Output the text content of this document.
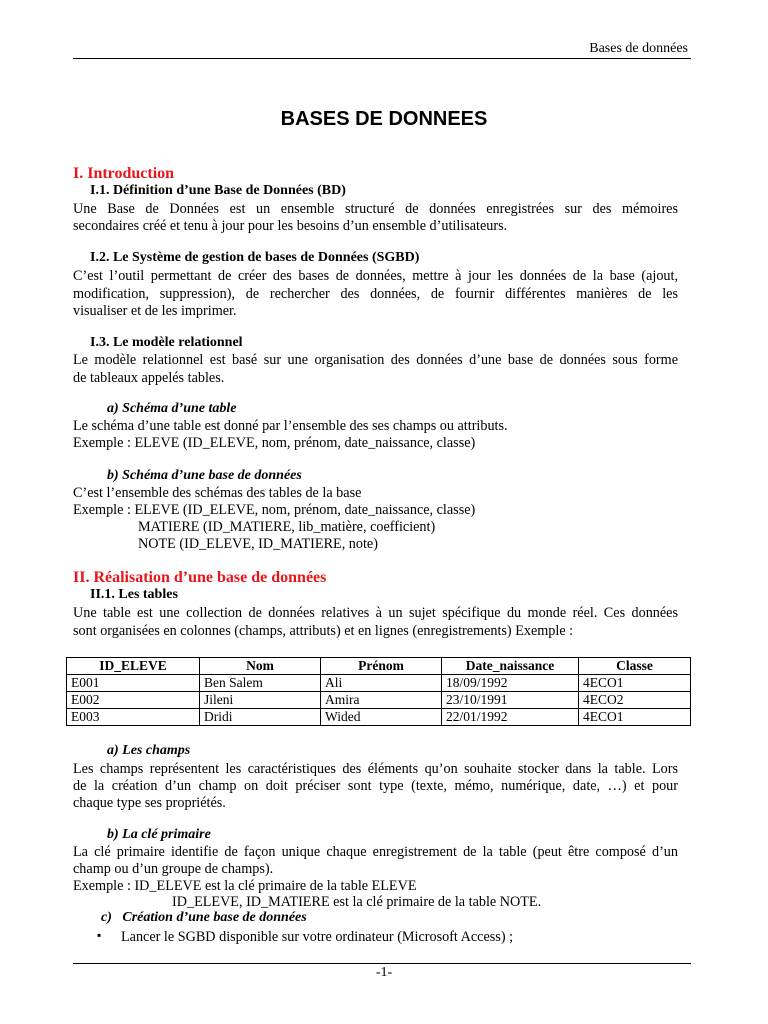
Bases de données
BASES DE DONNEES
I. Introduction
I.1. Définition d’une Base de Données (BD)
Une Base de Données est un ensemble structuré de données enregistrées sur des mémoires
secondaires créé et tenu à jour pour les besoins d’un ensemble d’utilisateurs.
I.2. Le Système de gestion de bases de Données (SGBD)
C’est l’outil permettant de créer des bases de données, mettre à jour les données de la base (ajout,
modification, suppression), de rechercher des données, de fournir différentes manières de les
visualiser et de les imprimer.
I.3. Le modèle relationnel
Le modèle relationnel est basé sur une organisation des données d’une base de données sous forme
de tableaux appelés tables.
a) Schéma d’une table
Le schéma d’une table est donné par l’ensemble des ses champs ou attributs.
Exemple : ELEVE (ID_ELEVE, nom, prénom, date_naissance, classe)
b) Schéma d’une base de données
C’est l’ensemble des schémas des tables de la base
Exemple : ELEVE (ID_ELEVE, nom, prénom, date_naissance, classe)
MATIERE (ID_MATIERE, lib_matière, coefficient)
NOTE (ID_ELEVE, ID_MATIERE, note)
II. Réalisation d’une base de données
II.1. Les tables
Une table est une collection de données relatives à un sujet spécifique du monde réel. Ces données
sont organisées en colonnes (champs, attributs) et en lignes (enregistrements) Exemple :
ID_ELEVE	Nom	Prénom	Date_naissance	Classe
E001	Ben Salem	Ali	18/09/1992	4ECO1
E002	Jileni	Amira	23/10/1991	4ECO2
E003	Dridi	Wided	22/01/1992	4ECO1
a) Les champs
Les champs représentent les caractéristiques des éléments qu’on souhaite stocker dans la table. Lors
de la création d’un champ on doit préciser sont type (texte, mémo, numérique, date, …) et pour
chaque type ses propriétés.
b) La clé primaire
La clé primaire identifie de façon unique chaque enregistrement de la table (peut être composé d’un
champ ou d’un groupe de champs).
Exemple : ID_ELEVE est la clé primaire de la table ELEVE
ID_ELEVE, ID_MATIERE est la clé primaire de la table NOTE.
c)   Création d’une base de données
▪ Lancer le SGBD disponible sur votre ordinateur (Microsoft Access) ;
-1-
